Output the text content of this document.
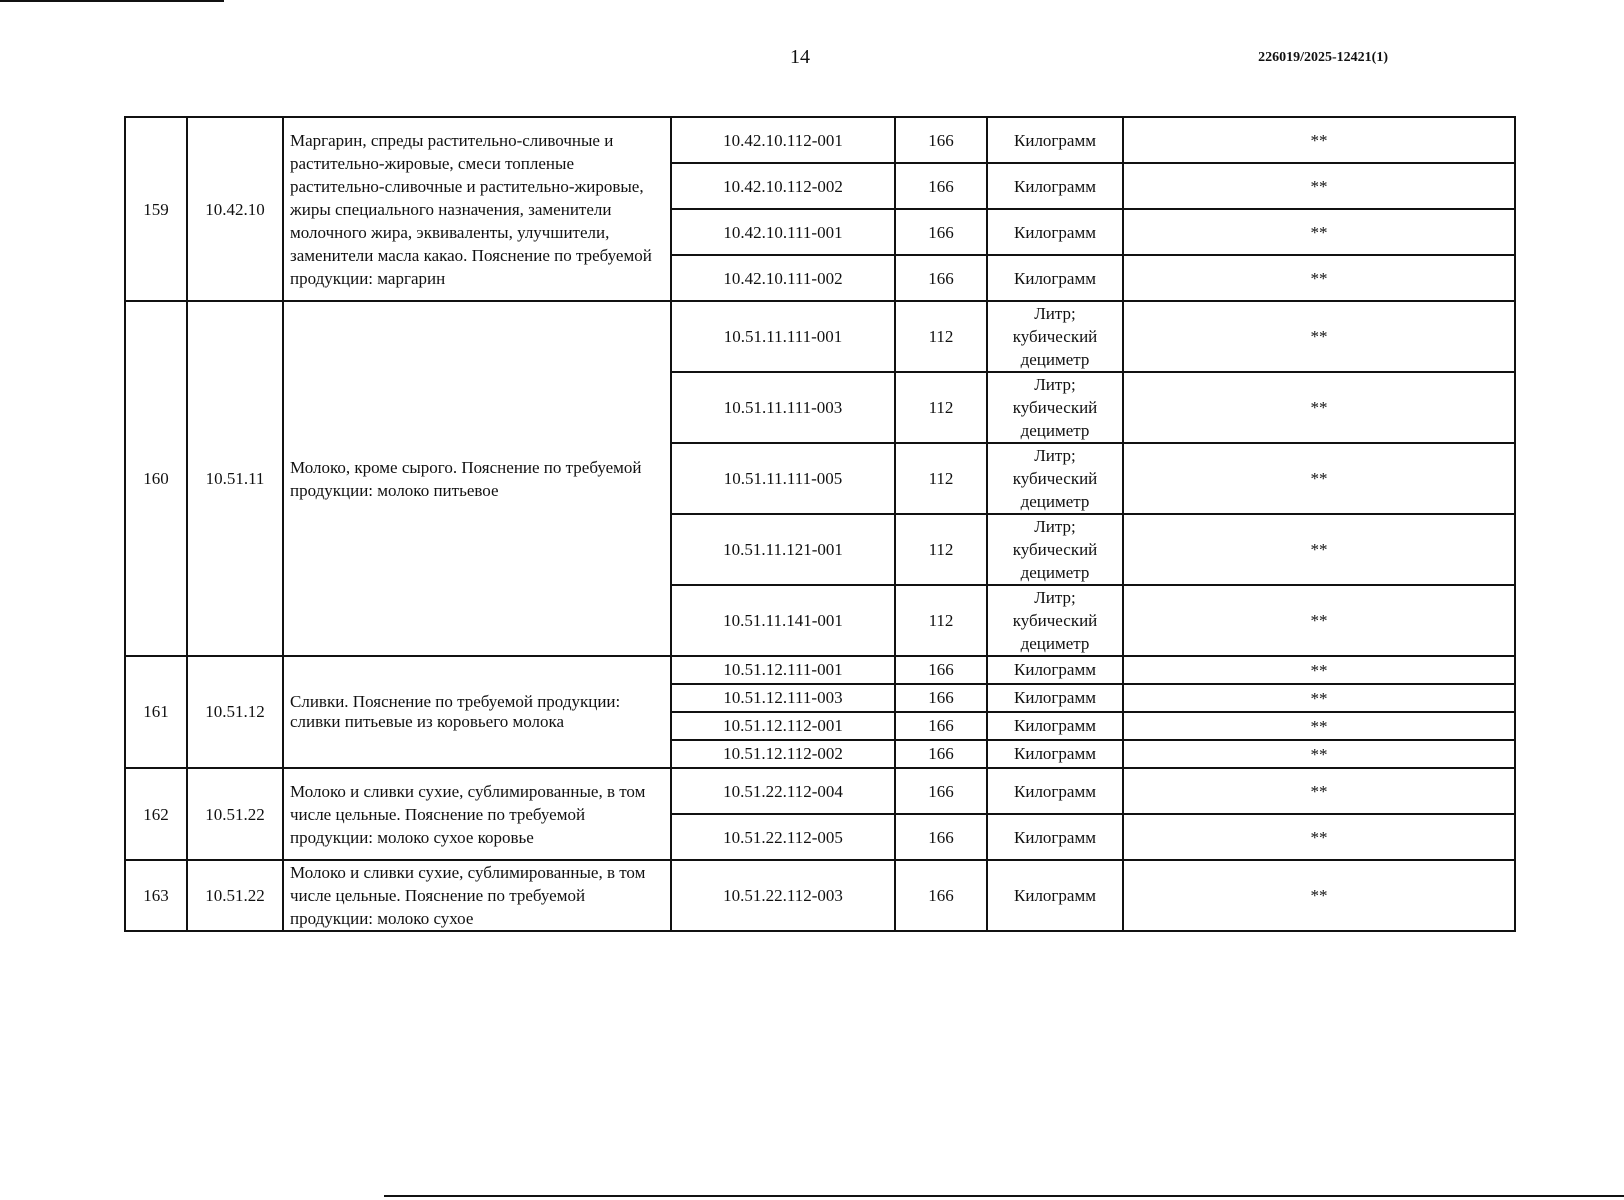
14	226019/2025-12421(1)
159	10.42.10	Маргарин, спреды растительно-сливочные и растительно-жировые, смеси топленые растительно-сливочные и растительно-жировые, жиры специального назначения, заменители молочного жира, эквиваленты, улучшители, заменители масла какао. Пояснение по требуемой продукции: маргарин	10.42.10.112-001	166	Килограмм	**
			10.42.10.112-002	166	Килограмм	**
			10.42.10.111-001	166	Килограмм	**
			10.42.10.111-002	166	Килограмм	**
160	10.51.11	Молоко, кроме сырого. Пояснение по требуемой продукции: молоко питьевое	10.51.11.111-001	112	Литр; кубический дециметр	**
			10.51.11.111-003	112	Литр; кубический дециметр	**
			10.51.11.111-005	112	Литр; кубический дециметр	**
			10.51.11.121-001	112	Литр; кубический дециметр	**
			10.51.11.141-001	112	Литр; кубический дециметр	**
161	10.51.12	Сливки. Пояснение по требуемой продукции: сливки питьевые из коровьего молока	10.51.12.111-001	166	Килограмм	**
			10.51.12.111-003	166	Килограмм	**
			10.51.12.112-001	166	Килограмм	**
			10.51.12.112-002	166	Килограмм	**
162	10.51.22	Молоко и сливки сухие, сублимированные, в том числе цельные. Пояснение по требуемой продукции: молоко сухое коровье	10.51.22.112-004	166	Килограмм	**
			10.51.22.112-005	166	Килограмм	**
163	10.51.22	Молоко и сливки сухие, сублимированные, в том числе цельные. Пояснение по требуемой продукции: молоко сухое	10.51.22.112-003	166	Килограмм	**
